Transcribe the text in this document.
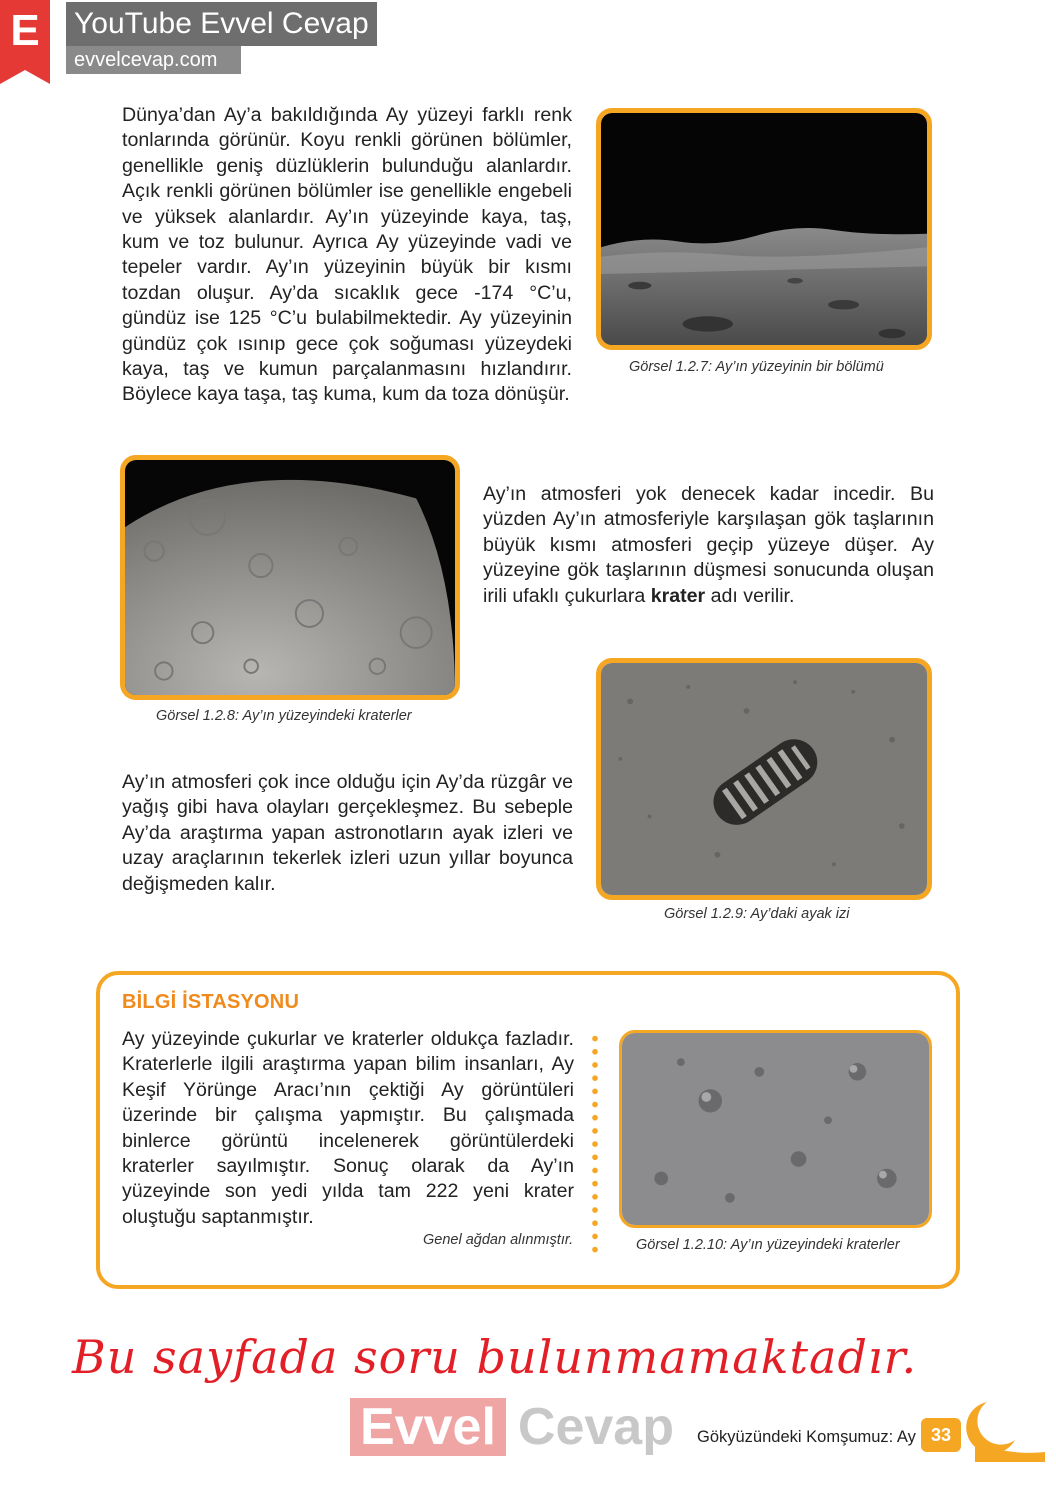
E	YouTube Evvel Cevap
evvelcevap.com
Dünya’dan Ay’a bakıldığında Ay yüzeyi farklı renk tonlarında görünür. Koyu renkli görünen bölümler, genellikle geniş düzlüklerin bulunduğu alanlardır. Açık renkli görünen bölümler ise genellikle engebeli ve yüksek alanlardır. Ay’ın yüzeyinde kaya, taş, kum ve toz bulunur. Ayrıca Ay yüzeyinde vadi ve tepeler vardır. Ay’ın yüzeyinin büyük bir kısmı tozdan oluşur. Ay’da sıcaklık gece -174 °C’u, gündüz ise 125 °C’u bulabilmektedir. Ay yüzeyinin gündüz çok ısınıp gece çok soğuması yüzeydeki kaya, taş ve kumun parçalanmasını hızlandırır. Böylece kaya taşa, taş kuma, kum da toza dönüşür.
Görsel 1.2.7: Ay’ın yüzeyinin bir bölümü
Görsel 1.2.8: Ay’ın yüzeyindeki kraterler
Ay’ın atmosferi yok denecek kadar incedir. Bu yüzden Ay’ın atmosferiyle karşılaşan gök taşlarının büyük kısmı atmosferi geçip yüzeye düşer. Ay yüzeyine gök taşlarının düşmesi sonucunda oluşan irili ufaklı çukurlara krater adı verilir.
Görsel 1.2.9: Ay’daki ayak izi
Ay’ın atmosferi çok ince olduğu için Ay’da rüzgâr ve yağış gibi hava olayları gerçekleşmez. Bu sebeple Ay’da araştırma yapan astronotların ayak izleri ve uzay araçlarının tekerlek izleri uzun yıllar boyunca değişmeden kalır.
BİLGİ İSTASYONU
Ay yüzeyinde çukurlar ve kraterler oldukça fazladır. Kraterlerle ilgili araştırma yapan bilim insanları, Ay Keşif Yörünge Aracı’nın çektiği Ay görüntüleri üzerinde bir çalışma yapmıştır. Bu çalışmada binlerce görüntü incelenerek görüntülerdeki kraterler sayılmıştır. Sonuç olarak da Ay’ın yüzeyinde son yedi yılda tam 222 yeni krater oluştuğu saptanmıştır.
Genel ağdan alınmıştır.	Görsel 1.2.10: Ay’ın yüzeyindeki kraterler
Bu sayfada soru bulunmamaktadır.
Evvel Cevap Gökyüzündeki Komşumuz: Ay 33
